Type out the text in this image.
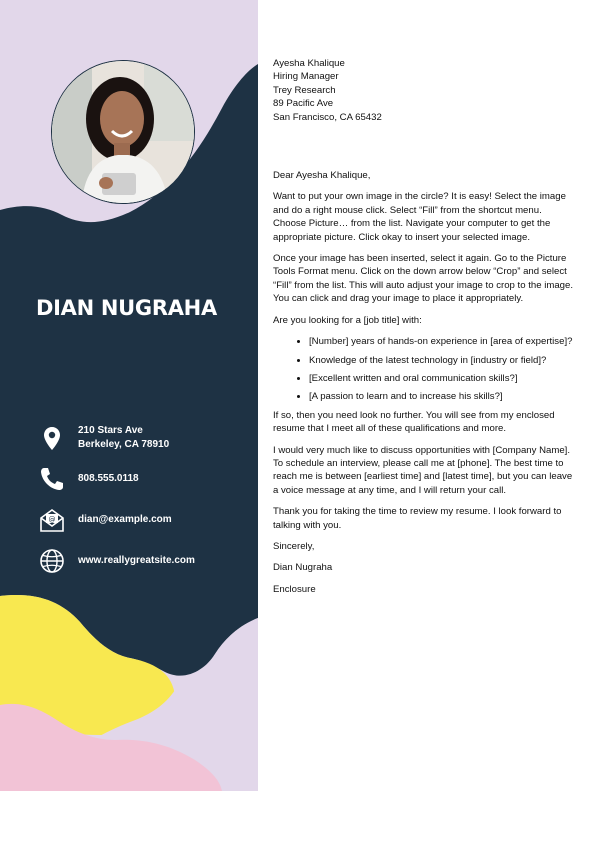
DIAN NUGRAHA
210 Stars Ave
Berkeley, CA 78910
808.555.0118
@ dian@example.com
www.reallygreatsite.com
Ayesha Khalique
Hiring Manager
Trey Research
89 Pacific Ave
San Francisco, CA 65432

Dear Ayesha Khalique,

Want to put your own image in the circle? It is easy! Select the image and do a right mouse click. Select “Fill” from the shortcut menu. Choose Picture… from the list. Navigate your computer to get the appropriate picture. Click okay to insert your selected image.

Once your image has been inserted, select it again. Go to the Picture Tools Format menu. Click on the down arrow below “Crop” and select “Fill” from the list. This will auto adjust your image to crop to the image. You can click and drag your image to place it appropriately.

Are you looking for a [job title] with:

• [Number] years of hands-on experience in [area of expertise]?
• Knowledge of the latest technology in [industry or field]?
• [Excellent written and oral communication skills?]
• [A passion to learn and to increase his skills?]

If so, then you need look no further. You will see from my enclosed resume that I meet all of these qualifications and more.

I would very much like to discuss opportunities with [Company Name]. To schedule an interview, please call me at [phone]. The best time to reach me is between [earliest time] and [latest time], but you can leave a voice message at any time, and I will return your call.

Thank you for taking the time to review my resume. I look forward to talking with you.

Sincerely,

Dian Nugraha

Enclosure
